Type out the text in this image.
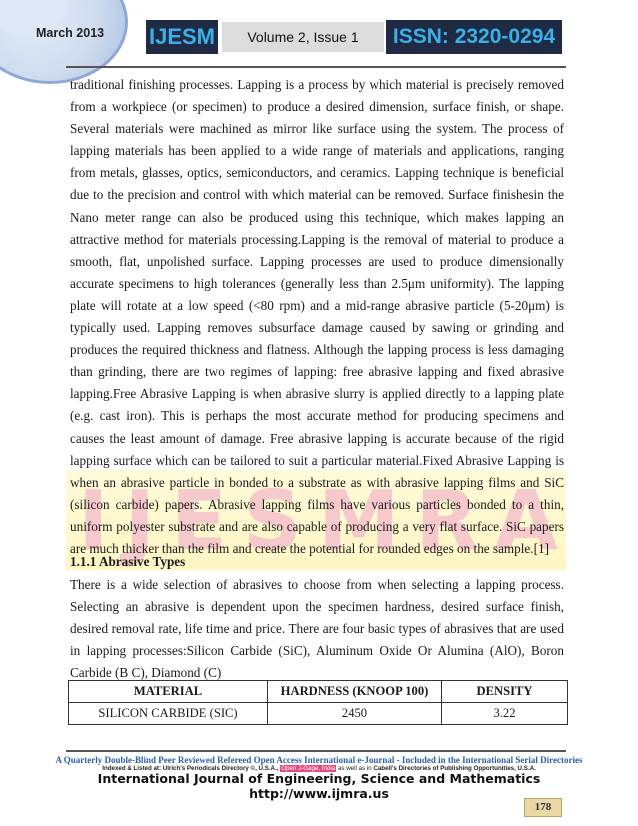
March 2013 IJESM	Volume 2, Issue 1	ISSN: 2320-0294
I J E S M R A

traditional finishing processes. Lapping is a process by which material is precisely removed from a workpiece (or specimen) to produce a desired dimension, surface finish, or shape. Several materials were machined as mirror like surface using the system. The process of lapping materials has been applied to a wide range of materials and applications, ranging from metals, glasses, optics, semiconductors, and ceramics. Lapping technique is beneficial due to the precision and control with which material can be removed. Surface finishesin the Nano meter range can also be produced using this technique, which makes lapping an attractive method for materials processing.Lapping is the removal of material to produce a smooth, flat, unpolished surface. Lapping processes are used to produce dimensionally accurate specimens to high tolerances (generally less than 2.5μm uniformity). The lapping plate will rotate at a low speed (<80 rpm) and a mid-range abrasive particle (5-20μm) is typically used. Lapping removes subsurface damage caused by sawing or grinding and produces the required thickness and flatness. Although the lapping process is less damaging than grinding, there are two regimes of lapping: free abrasive lapping and fixed abrasive lapping.Free Abrasive Lapping is when abrasive slurry is applied directly to a lapping plate (e.g. cast iron). This is perhaps the most accurate method for producing specimens and causes the least amount of damage. Free abrasive lapping is accurate because of the rigid lapping surface which can be tailored to suit a particular material.Fixed Abrasive Lapping is when an abrasive particle in bonded to a substrate as with abrasive lapping films and SiC (silicon carbide) papers. Abrasive lapping films have various particles bonded to a thin, uniform polyester substrate and are also capable of producing a very flat surface. SiC papers are much thicker than the film and create the potential for rounded edges on the sample.[1]

1.1.1 Abrasive Types

There is a wide selection of abrasives to choose from when selecting a lapping process. Selecting an abrasive is dependent upon the specimen hardness, desired surface finish, desired removal rate, life time and price. There are four basic types of abrasives that are used in lapping processes:Silicon Carbide (SiC), Aluminum Oxide Or Alumina (AlO), Boron Carbide (B C), Diamond (C)

MATERIAL	HARDNESS (KNOOP 100)	DENSITY
SILICON CARBIDE (SIC)	2450	3.22
A Quarterly Double-Blind Peer Reviewed Refereed Open Access International e-Journal - Included in the International Serial Directories
Indexed & Listed at: Ulrich's Periodicals Directory ©, U.S.A., Open J-Gage, India as well as in Cabell's Directories of Publishing Opportunities, U.S.A.
International Journal of Engineering, Science and Mathematics
http://www.ijmra.us
178
